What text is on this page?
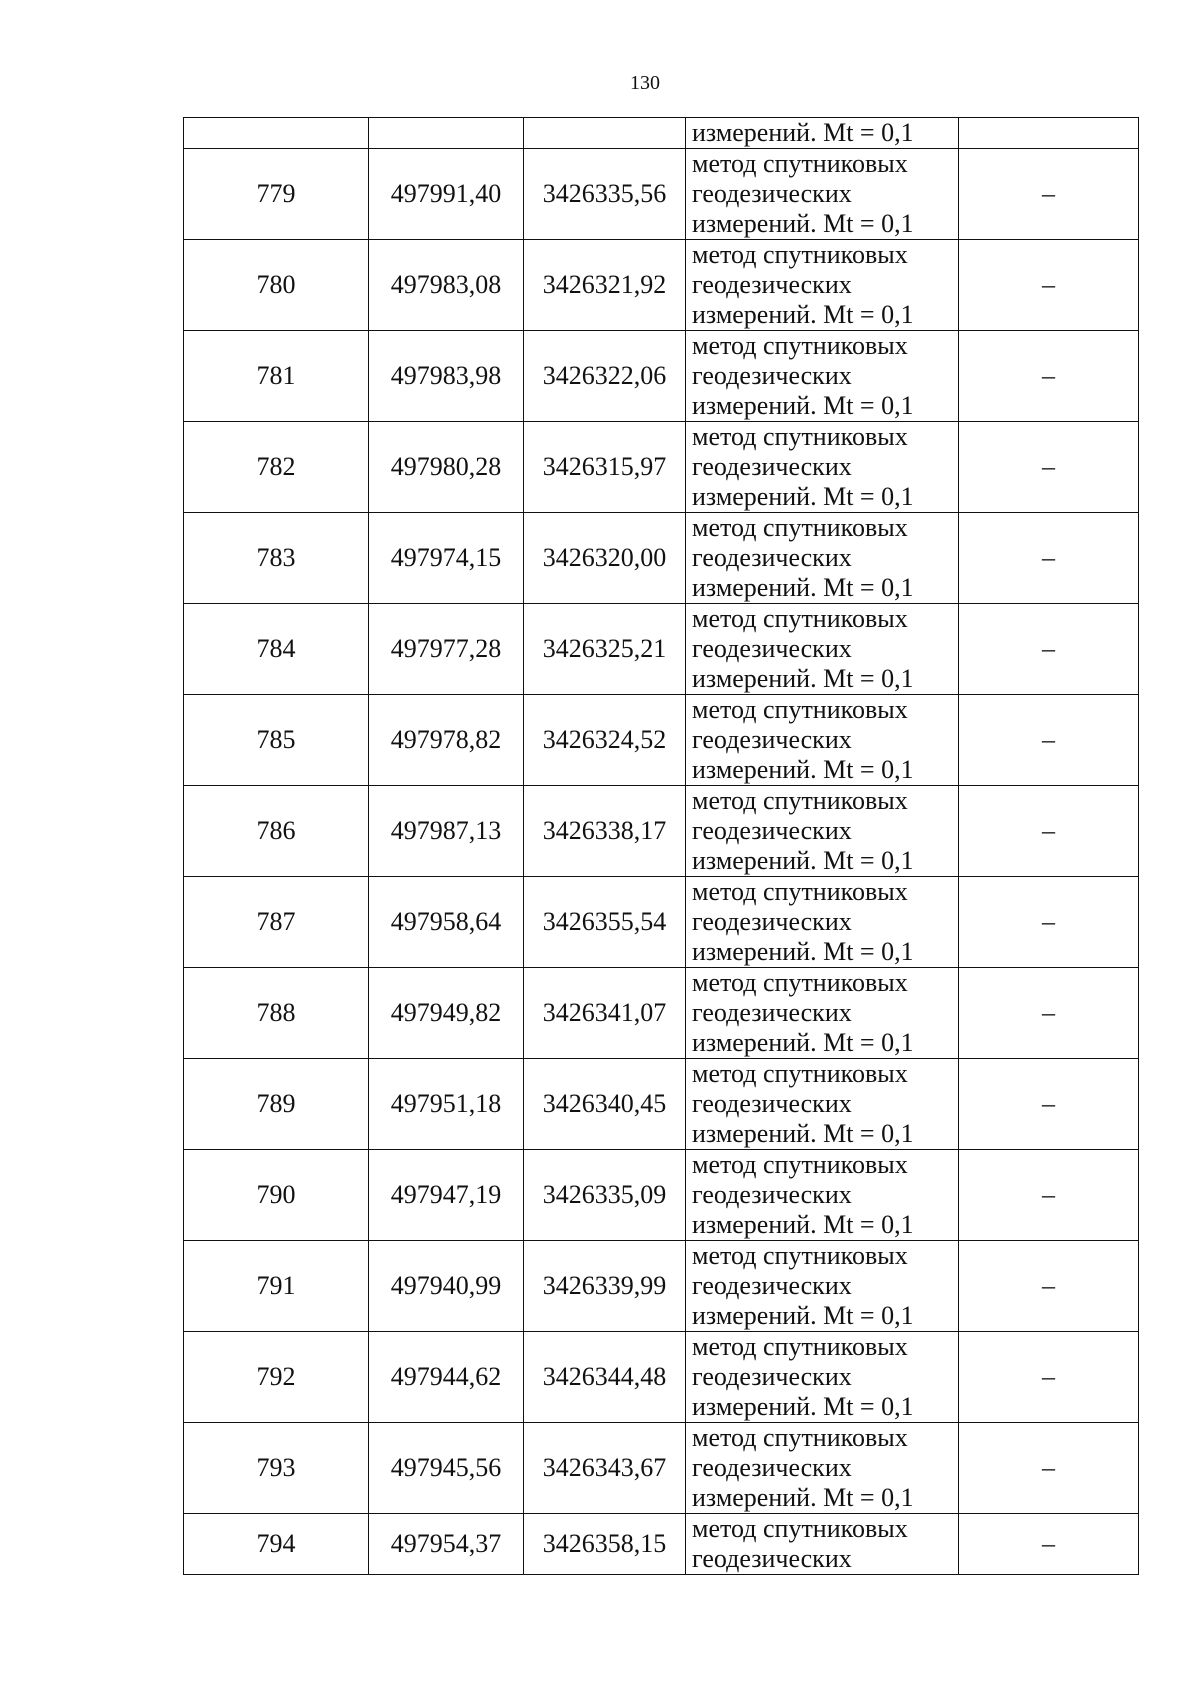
130

			измерений. Mt = 0,1	

779	497991,40	3426335,56	метод спутниковых
геодезических
измерений. Mt = 0,1	–
780	497983,08	3426321,92	метод спутниковых
геодезических
измерений. Mt = 0,1	–
781	497983,98	3426322,06	метод спутниковых
геодезических
измерений. Mt = 0,1	–
782	497980,28	3426315,97	метод спутниковых
геодезических
измерений. Mt = 0,1	–
783	497974,15	3426320,00	метод спутниковых
геодезических
измерений. Mt = 0,1	–
784	497977,28	3426325,21	метод спутниковых
геодезических
измерений. Mt = 0,1	–
785	497978,82	3426324,52	метод спутниковых
геодезических
измерений. Mt = 0,1	–
786	497987,13	3426338,17	метод спутниковых
геодезических
измерений. Mt = 0,1	–
787	497958,64	3426355,54	метод спутниковых
геодезических
измерений. Mt = 0,1	–
788	497949,82	3426341,07	метод спутниковых
геодезических
измерений. Mt = 0,1	–
789	497951,18	3426340,45	метод спутниковых
геодезических
измерений. Mt = 0,1	–
790	497947,19	3426335,09	метод спутниковых
геодезических
измерений. Mt = 0,1	–
791	497940,99	3426339,99	метод спутниковых
геодезических
измерений. Mt = 0,1	–
792	497944,62	3426344,48	метод спутниковых
геодезических
измерений. Mt = 0,1	–
793	497945,56	3426343,67	метод спутниковых
геодезических
измерений. Mt = 0,1	–
794	497954,37	3426358,15	метод спутниковых
геодезических	–
